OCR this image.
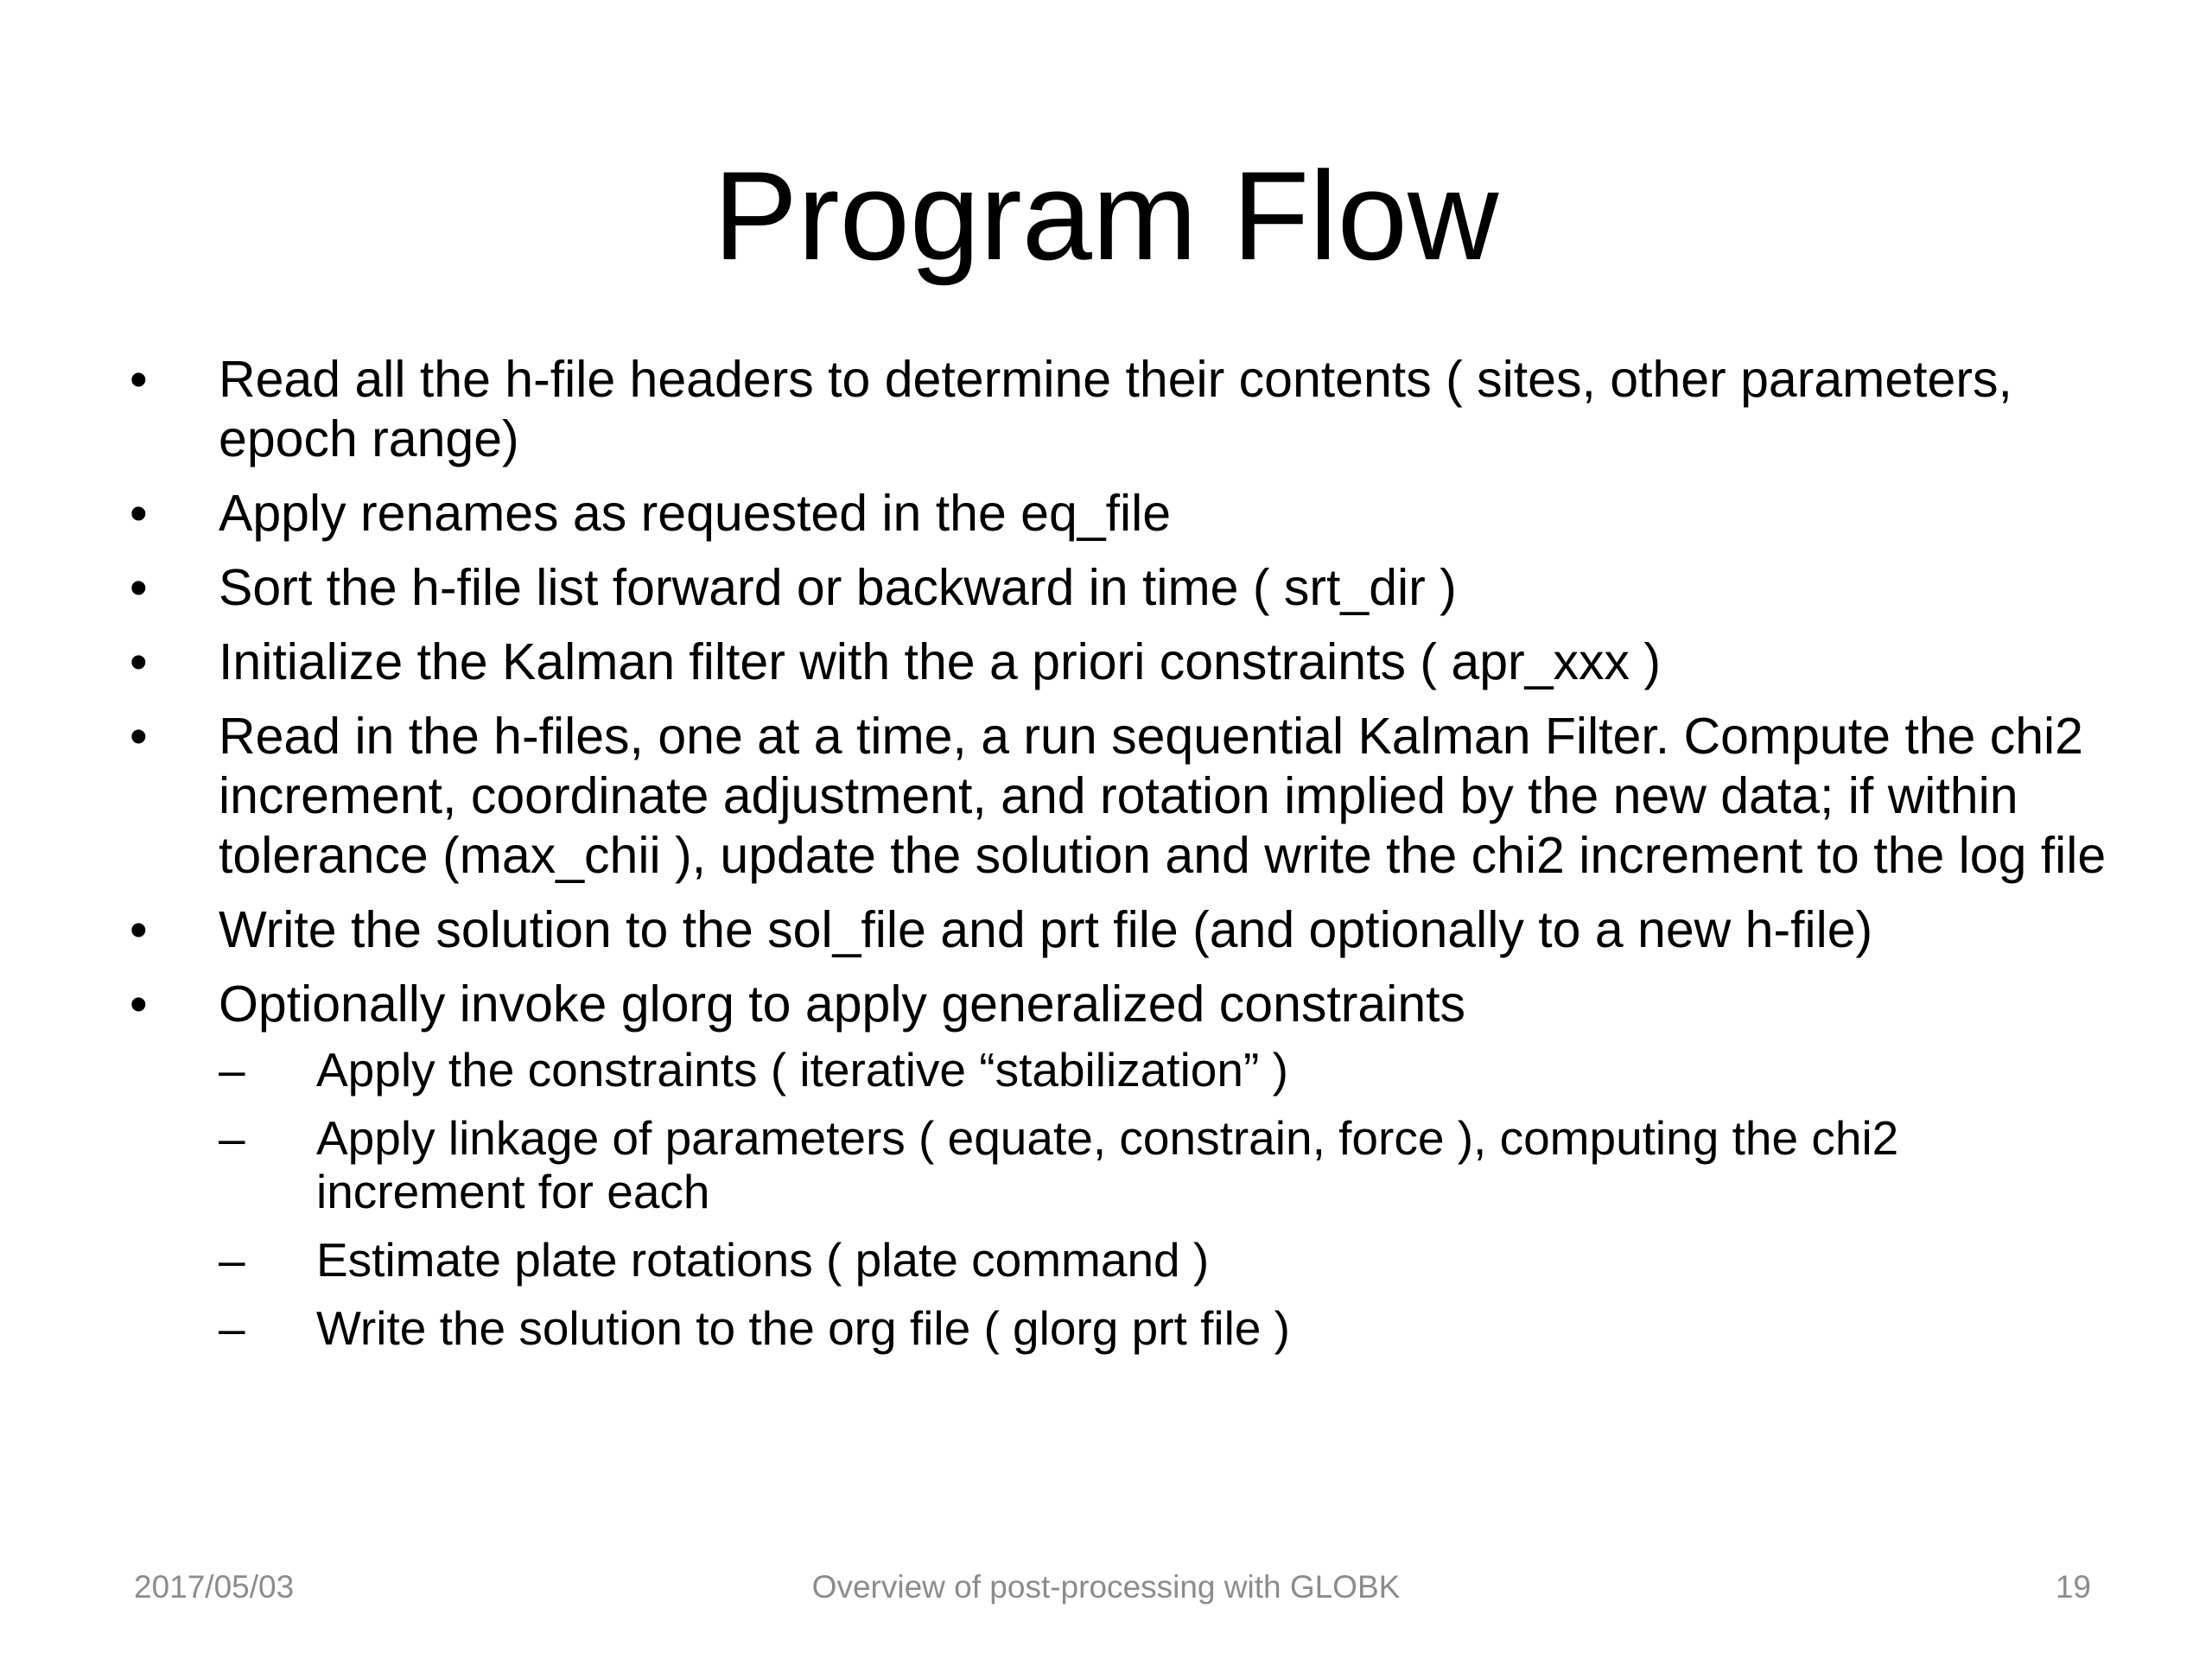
Program Flow
•	Read all the h-file headers to determine their contents ( sites, other parameters, epoch range)
•	Apply renames as requested in the eq_file
•	Sort the h-file list forward or backward in time ( srt_dir )
•	Initialize the Kalman filter with the a priori constraints ( apr_xxx )
•	Read in the h-files, one at a time, a run sequential Kalman Filter. Compute the chi2 increment, coordinate adjustment, and rotation implied by the new data; if within tolerance (max_chii ), update the solution and write the chi2 increment to the log file
•	Write the solution to the sol_file and prt file (and optionally to a new h-file)
•	Optionally invoke glorg to apply generalized constraints
–	Apply the constraints ( iterative “stabilization” )
–	Apply linkage of parameters ( equate, constrain, force ), computing the chi2 increment for each
–	Estimate plate rotations ( plate command )
–	Write the solution to the org file ( glorg prt file )
2017/05/03	Overview of post-processing with GLOBK	19
